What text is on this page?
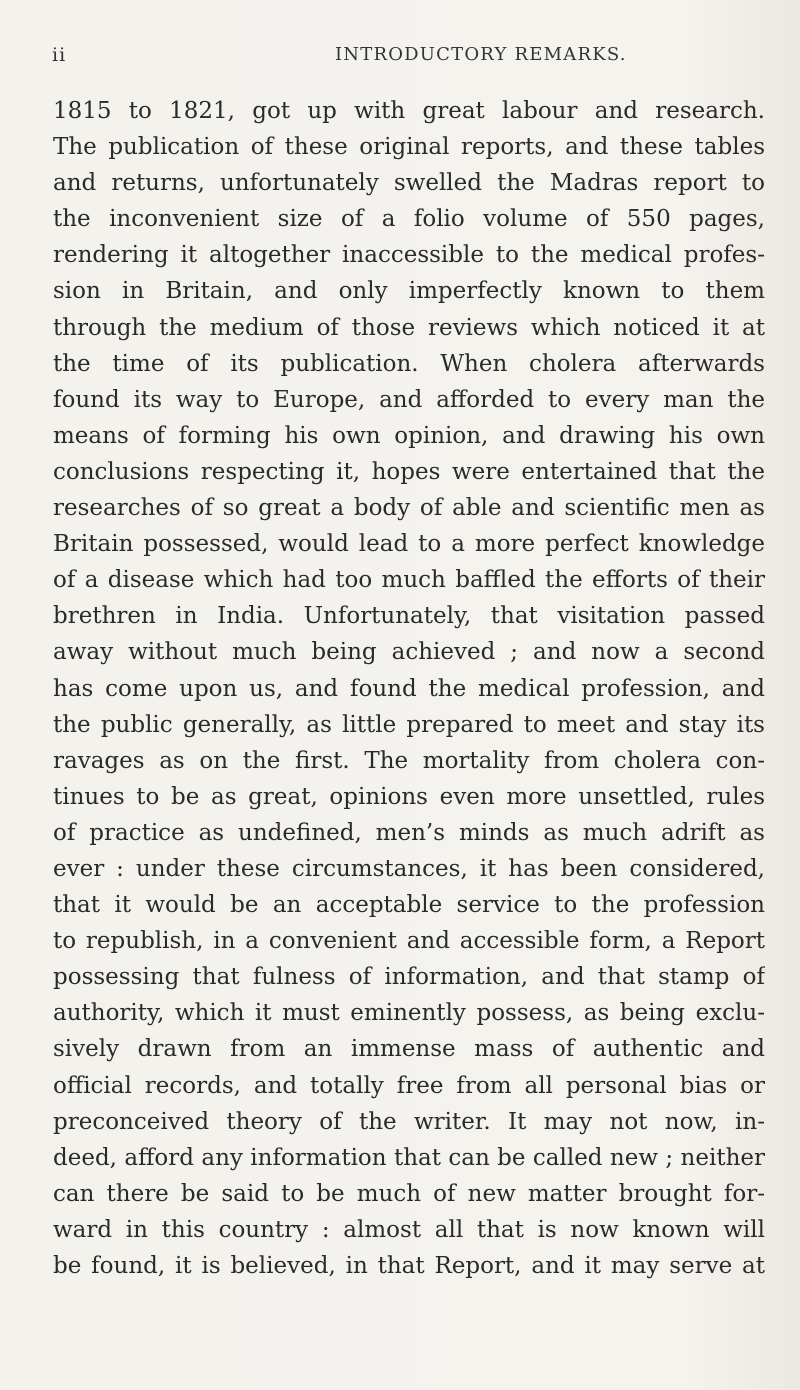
ii	INTRODUCTORY REMARKS.
1815 to 1821, got up with great labour and research.
The publication of these original reports, and these tables
and returns, unfortunately swelled the Madras report to
the inconvenient size of a folio volume of 550 pages,
rendering it altogether inaccessible to the medical profes-
sion in Britain, and only imperfectly known to them
through the medium of those reviews which noticed it at
the time of its publication. When cholera afterwards
found its way to Europe, and afforded to every man the
means of forming his own opinion, and drawing his own
conclusions respecting it, hopes were entertained that the
researches of so great a body of able and scientific men as
Britain possessed, would lead to a more perfect knowledge
of a disease which had too much baffled the efforts of their
brethren in India. Unfortunately, that visitation passed
away without much being achieved ; and now a second
has come upon us, and found the medical profession, and
the public generally, as little prepared to meet and stay its
ravages as on the first. The mortality from cholera con-
tinues to be as great, opinions even more unsettled, rules
of practice as undefined, men’s minds as much adrift as
ever : under these circumstances, it has been considered,
that it would be an acceptable service to the profession
to republish, in a convenient and accessible form, a Report
possessing that fulness of information, and that stamp of
authority, which it must eminently possess, as being exclu-
sively drawn from an immense mass of authentic and
official records, and totally free from all personal bias or
preconceived theory of the writer. It may not now, in-
deed, afford any information that can be called new ; neither
can there be said to be much of new matter brought for-
ward in this country : almost all that is now known will
be found, it is believed, in that Report, and it may serve at
